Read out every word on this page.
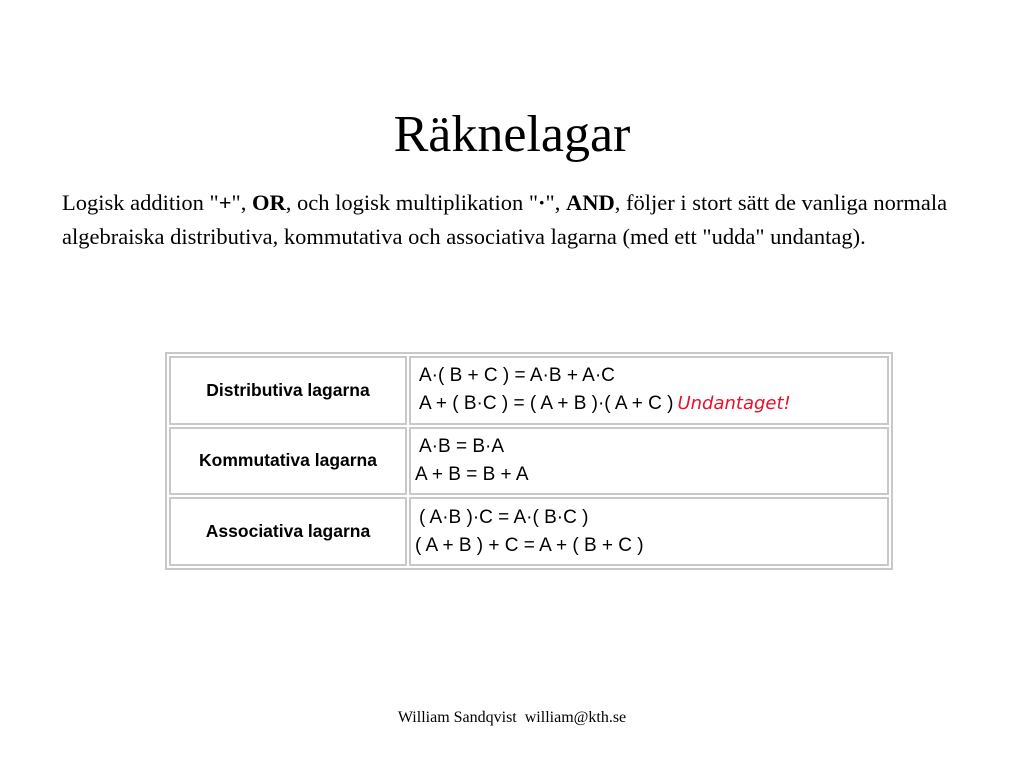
Räknelagar

Logisk addition "+", OR, och logisk multiplikation "·", AND, följer i stort sätt de vanliga normala algebraiska distributiva, kommutativa och associativa lagarna (med ett "udda" undantag).

Distributiva lagarna	A·( B + C ) = A·B + A·C
A + ( B·C ) = ( A + B )·( A + C ) Undantaget!

Kommutativa lagarna	A·B = B·A
A + B = B + A

Associativa lagarna	( A·B )·C = A·( B·C )
( A + B ) + C = A + ( B + C )
William Sandqvist  william@kth.se
